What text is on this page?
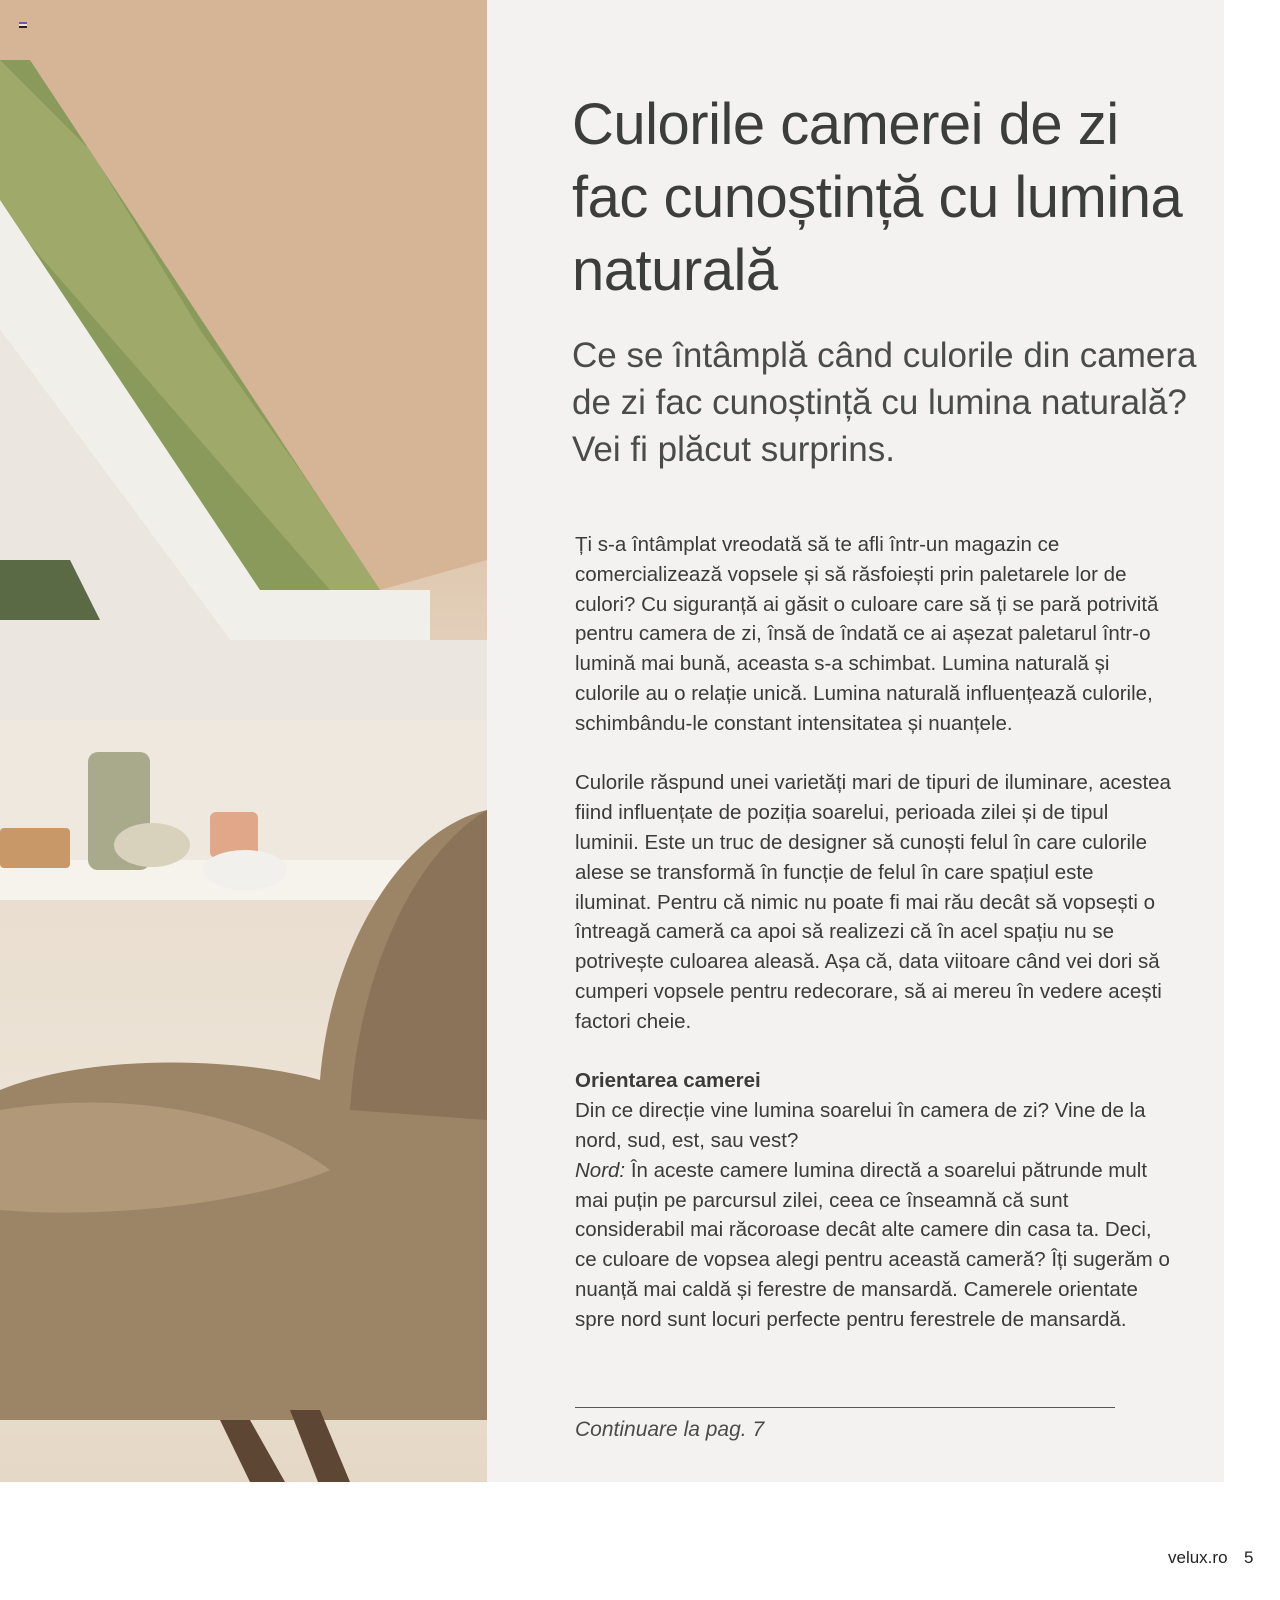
Culorile camerei de zi fac cunoștință cu lumina naturală
Ce se întâmplă când culorile din camera de zi fac cunoștință cu lumina naturală? Vei fi plăcut surprins.

Ți s-a întâmplat vreodată să te afli într-un magazin ce comercializează vopsele și să răsfoiești prin paletarele lor de culori? Cu siguranță ai găsit o culoare care să ți se pară potrivită pentru camera de zi, însă de îndată ce ai așezat paletarul într-o lumină mai bună, aceasta s-a schimbat. Lumina naturală și culorile au o relație unică. Lumina naturală influențează culorile, schimbându-le constant intensitatea și nuanțele.

Culorile răspund unei varietăți mari de tipuri de iluminare, acestea fiind influențate de poziția soarelui, perioada zilei și de tipul luminii. Este un truc de designer să cunoști felul în care culorile alese se transformă în funcție de felul în care spațiul este iluminat. Pentru că nimic nu poate fi mai rău decât să vopsești o întreagă cameră ca apoi să realizezi că în acel spațiu nu se potrivește culoarea aleasă. Așa că, data viitoare când vei dori să cumperi vopsele pentru redecorare, să ai mereu în vedere acești factori cheie.

Orientarea camerei
Din ce direcție vine lumina soarelui în camera de zi? Vine de la nord, sud, est, sau vest?
Nord: În aceste camere lumina directă a soarelui pătrunde mult mai puțin pe parcursul zilei, ceea ce înseamnă că sunt considerabil mai răcoroase decât alte camere din casa ta. Deci, ce culoare de vopsea alegi pentru această cameră? Îți sugerăm o nuanță mai caldă și ferestre de mansardă. Camerele orientate spre nord sunt locuri perfecte pentru ferestrele de mansardă.
Continuare la pag. 7
velux.ro 5
